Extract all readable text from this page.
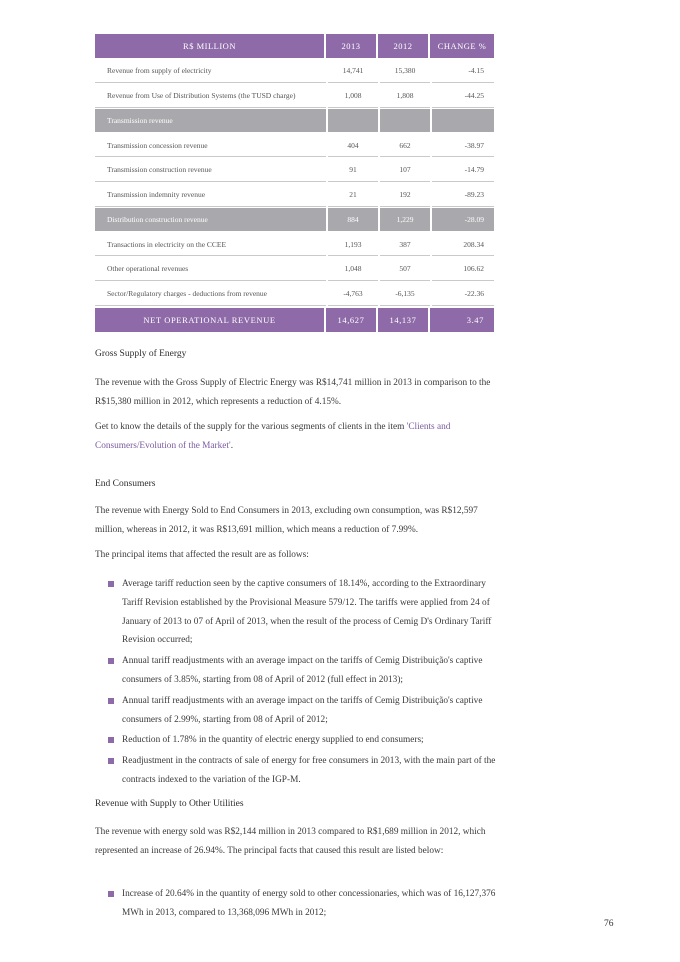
R$ MILLION	2013	2012	CHANGE %
Revenue from supply of electricity	14,741	15,380	-4.15
Revenue from Use of Distribution Systems (the TUSD charge)	1,008	1,808	-44.25
Transmission revenue
Transmission concession revenue	404	662	-38.97
Transmission construction revenue	91	107	-14.79
Transmission indemnity revenue	21	192	-89.23
Distribution construction revenue	884	1,229	-28.09
Transactions in electricity on the CCEE	1,193	387	208.34
Other operational revenues	1,048	507	106.62
Sector/Regulatory charges - deductions from revenue	-4,763	-6,135	-22.36
NET OPERATIONAL REVENUE	14,627	14,137	3.47
Gross Supply of Energy
The revenue with the Gross Supply of Electric Energy was R$14,741 million in 2013 in comparison to the R$15,380 million in 2012, which represents a reduction of 4.15%.
Get to know the details of the supply for the various segments of clients in the item 'Clients and Consumers/Evolution of the Market'.
End Consumers
The revenue with Energy Sold to End Consumers in 2013, excluding own consumption, was R$12,597 million, whereas in 2012, it was R$13,691 million, which means a reduction of 7.99%.
The principal items that affected the result are as follows:
Average tariff reduction seen by the captive consumers of 18.14%, according to the Extraordinary Tariff Revision established by the Provisional Measure 579/12. The tariffs were applied from 24 of January of 2013 to 07 of April of 2013, when the result of the process of Cemig D's Ordinary Tariff Revision occurred;
Annual tariff readjustments with an average impact on the tariffs of Cemig Distribuição's captive consumers of 3.85%, starting from 08 of April of 2012 (full effect in 2013);
Annual tariff readjustments with an average impact on the tariffs of Cemig Distribuição's captive consumers of 2.99%, starting from 08 of April of 2012;
Reduction of 1.78% in the quantity of electric energy supplied to end consumers;
Readjustment in the contracts of sale of energy for free consumers in 2013, with the main part of the contracts indexed to the variation of the IGP-M.
Revenue with Supply to Other Utilities
The revenue with energy sold was R$2,144 million in 2013 compared to R$1,689 million in 2012, which represented an increase of 26.94%. The principal facts that caused this result are listed below:
Increase of 20.64% in the quantity of energy sold to other concessionaries, which was of 16,127,376 MWh in 2013, compared to 13,368,096 MWh in 2012;
76
